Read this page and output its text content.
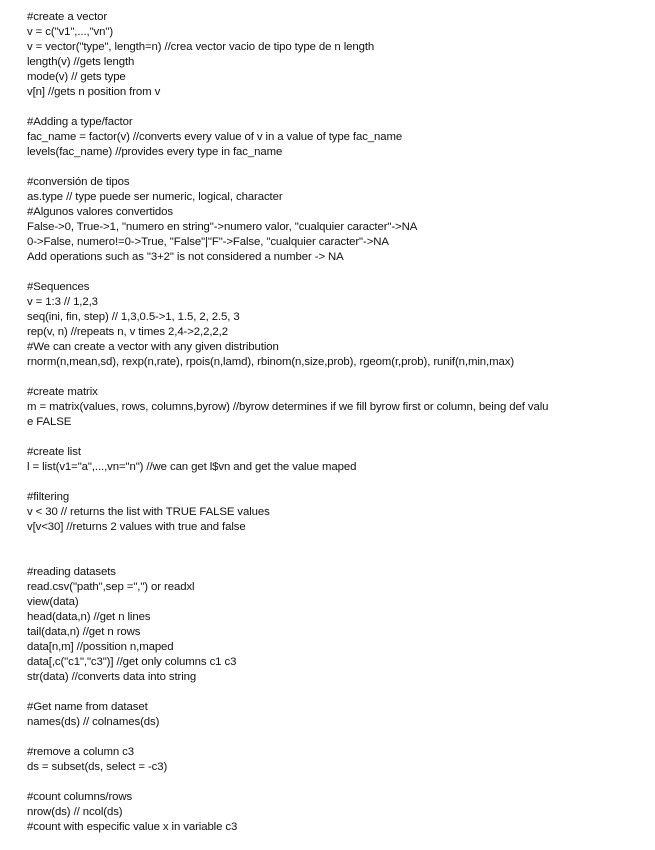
#create a vector
v = c("v1",...,"vn")
v = vector("type", length=n) //crea vector vacio de tipo type de n length
length(v) //gets length
mode(v) // gets type
v[n] //gets n position from v
#Adding a type/factor
fac_name = factor(v) //converts every value of v in a value of type fac_name
levels(fac_name) //provides every type in fac_name
#conversión de tipos
as.type // type puede ser numeric, logical, character
#Algunos valores convertidos
False->0, True->1, "numero en string"->numero valor, "cualquier caracter"->NA
0->False, numero!=0->True, "False"|"F"->False, "cualquier caracter"->NA
Add operations such as "3+2" is not considered a number -> NA
#Sequences
v = 1:3 // 1,2,3
seq(ini, fin, step) // 1,3,0.5->1, 1.5, 2, 2.5, 3
rep(v, n) //repeats n, v times 2,4->2,2,2,2
#We can create a vector with any given distribution
rnorm(n,mean,sd), rexp(n,rate), rpois(n,lamd), rbinom(n,size,prob), rgeom(r,prob), runif(n,min,max)
#create matrix
m = matrix(values, rows, columns,byrow) //byrow determines if we fill byrow first or column, being def valu
e FALSE
#create list
l = list(v1="a",...,vn="n") //we can get l$vn and get the value maped
#filtering
v < 30 // returns the list with TRUE FALSE values
v[v<30] //returns 2 values with true and false
#reading datasets
read.csv("path",sep =",") or readxl
view(data)
head(data,n) //get n lines
tail(data,n) //get n rows
data[n,m] //possition n,maped
data[,c("c1","c3")] //get only columns c1 c3
str(data) //converts data into string
#Get name from dataset
names(ds) // colnames(ds)
#remove a column c3
ds = subset(ds, select = -c3)
#count columns/rows
nrow(ds) // ncol(ds)
#count with especific value x in variable c3
